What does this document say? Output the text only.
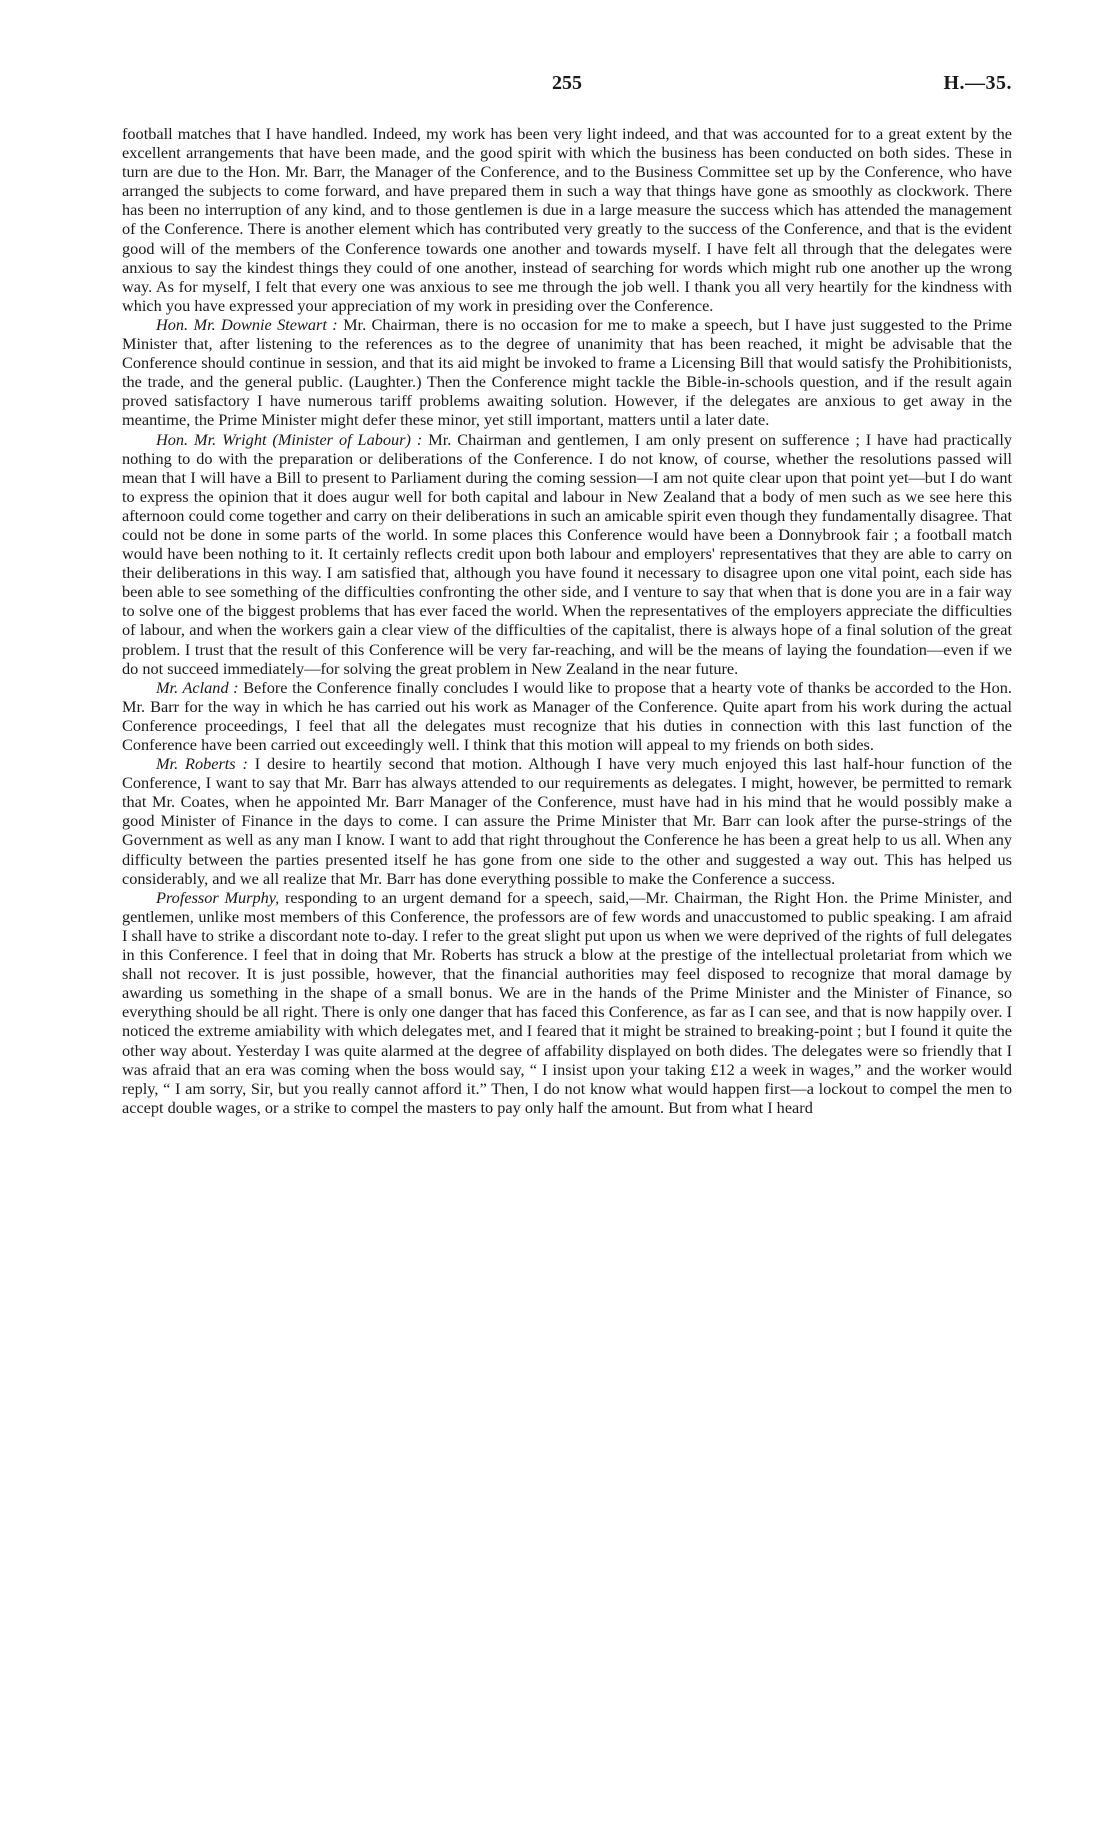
255	H.—35.

football matches that I have handled. Indeed, my work has been very light indeed, and that was accounted for to a great extent by the excellent arrangements that have been made, and the good spirit with which the business has been conducted on both sides. These in turn are due to the Hon. Mr. Barr, the Manager of the Conference, and to the Business Committee set up by the Conference, who have arranged the subjects to come forward, and have prepared them in such a way that things have gone as smoothly as clockwork. There has been no interruption of any kind, and to those gentlemen is due in a large measure the success which has attended the management of the Conference. There is another element which has contributed very greatly to the success of the Conference, and that is the evident good will of the members of the Conference towards one another and towards myself. I have felt all through that the delegates were anxious to say the kindest things they could of one another, instead of searching for words which might rub one another up the wrong way. As for myself, I felt that every one was anxious to see me through the job well. I thank you all very heartily for the kindness with which you have expressed your appreciation of my work in presiding over the Conference.

Hon. Mr. Downie Stewart : Mr. Chairman, there is no occasion for me to make a speech, but I have just suggested to the Prime Minister that, after listening to the references as to the degree of unanimity that has been reached, it might be advisable that the Conference should continue in session, and that its aid might be invoked to frame a Licensing Bill that would satisfy the Prohibitionists, the trade, and the general public. (Laughter.) Then the Conference might tackle the Bible-in-schools question, and if the result again proved satisfactory I have numerous tariff problems awaiting solution. However, if the delegates are anxious to get away in the meantime, the Prime Minister might defer these minor, yet still important, matters until a later date.

Hon. Mr. Wright (Minister of Labour) : Mr. Chairman and gentlemen, I am only present on sufference ; I have had practically nothing to do with the preparation or deliberations of the Conference. I do not know, of course, whether the resolutions passed will mean that I will have a Bill to present to Parliament during the coming session—I am not quite clear upon that point yet—but I do want to express the opinion that it does augur well for both capital and labour in New Zealand that a body of men such as we see here this afternoon could come together and carry on their deliberations in such an amicable spirit even though they fundamentally disagree. That could not be done in some parts of the world. In some places this Conference would have been a Donnybrook fair ; a football match would have been nothing to it. It certainly reflects credit upon both labour and employers' representatives that they are able to carry on their deliberations in this way. I am satisfied that, although you have found it necessary to disagree upon one vital point, each side has been able to see something of the difficulties confronting the other side, and I venture to say that when that is done you are in a fair way to solve one of the biggest problems that has ever faced the world. When the representatives of the employers appreciate the difficulties of labour, and when the workers gain a clear view of the difficulties of the capitalist, there is always hope of a final solution of the great problem. I trust that the result of this Conference will be very far-reaching, and will be the means of laying the foundation—even if we do not succeed immediately—for solving the great problem in New Zealand in the near future.

Mr. Acland : Before the Conference finally concludes I would like to propose that a hearty vote of thanks be accorded to the Hon. Mr. Barr for the way in which he has carried out his work as Manager of the Conference. Quite apart from his work during the actual Conference proceedings, I feel that all the delegates must recognize that his duties in connection with this last function of the Conference have been carried out exceedingly well. I think that this motion will appeal to my friends on both sides.

Mr. Roberts : I desire to heartily second that motion. Although I have very much enjoyed this last half-hour function of the Conference, I want to say that Mr. Barr has always attended to our requirements as delegates. I might, however, be permitted to remark that Mr. Coates, when he appointed Mr. Barr Manager of the Conference, must have had in his mind that he would possibly make a good Minister of Finance in the days to come. I can assure the Prime Minister that Mr. Barr can look after the purse-strings of the Government as well as any man I know. I want to add that right throughout the Conference he has been a great help to us all. When any difficulty between the parties presented itself he has gone from one side to the other and suggested a way out. This has helped us considerably, and we all realize that Mr. Barr has done everything possible to make the Conference a success.

Professor Murphy, responding to an urgent demand for a speech, said,—Mr. Chairman, the Right Hon. the Prime Minister, and gentlemen, unlike most members of this Conference, the professors are of few words and unaccustomed to public speaking. I am afraid I shall have to strike a discordant note to-day. I refer to the great slight put upon us when we were deprived of the rights of full delegates in this Conference. I feel that in doing that Mr. Roberts has struck a blow at the prestige of the intellectual proletariat from which we shall not recover. It is just possible, however, that the financial authorities may feel disposed to recognize that moral damage by awarding us something in the shape of a small bonus. We are in the hands of the Prime Minister and the Minister of Finance, so everything should be all right. There is only one danger that has faced this Conference, as far as I can see, and that is now happily over. I noticed the extreme amiability with which delegates met, and I feared that it might be strained to breaking-point ; but I found it quite the other way about. Yesterday I was quite alarmed at the degree of affability displayed on both dides. The delegates were so friendly that I was afraid that an era was coming when the boss would say, “ I insist upon your taking £12 a week in wages,” and the worker would reply, “ I am sorry, Sir, but you really cannot afford it.” Then, I do not know what would happen first—a lockout to compel the men to accept double wages, or a strike to compel the masters to pay only half the amount. But from what I heard
